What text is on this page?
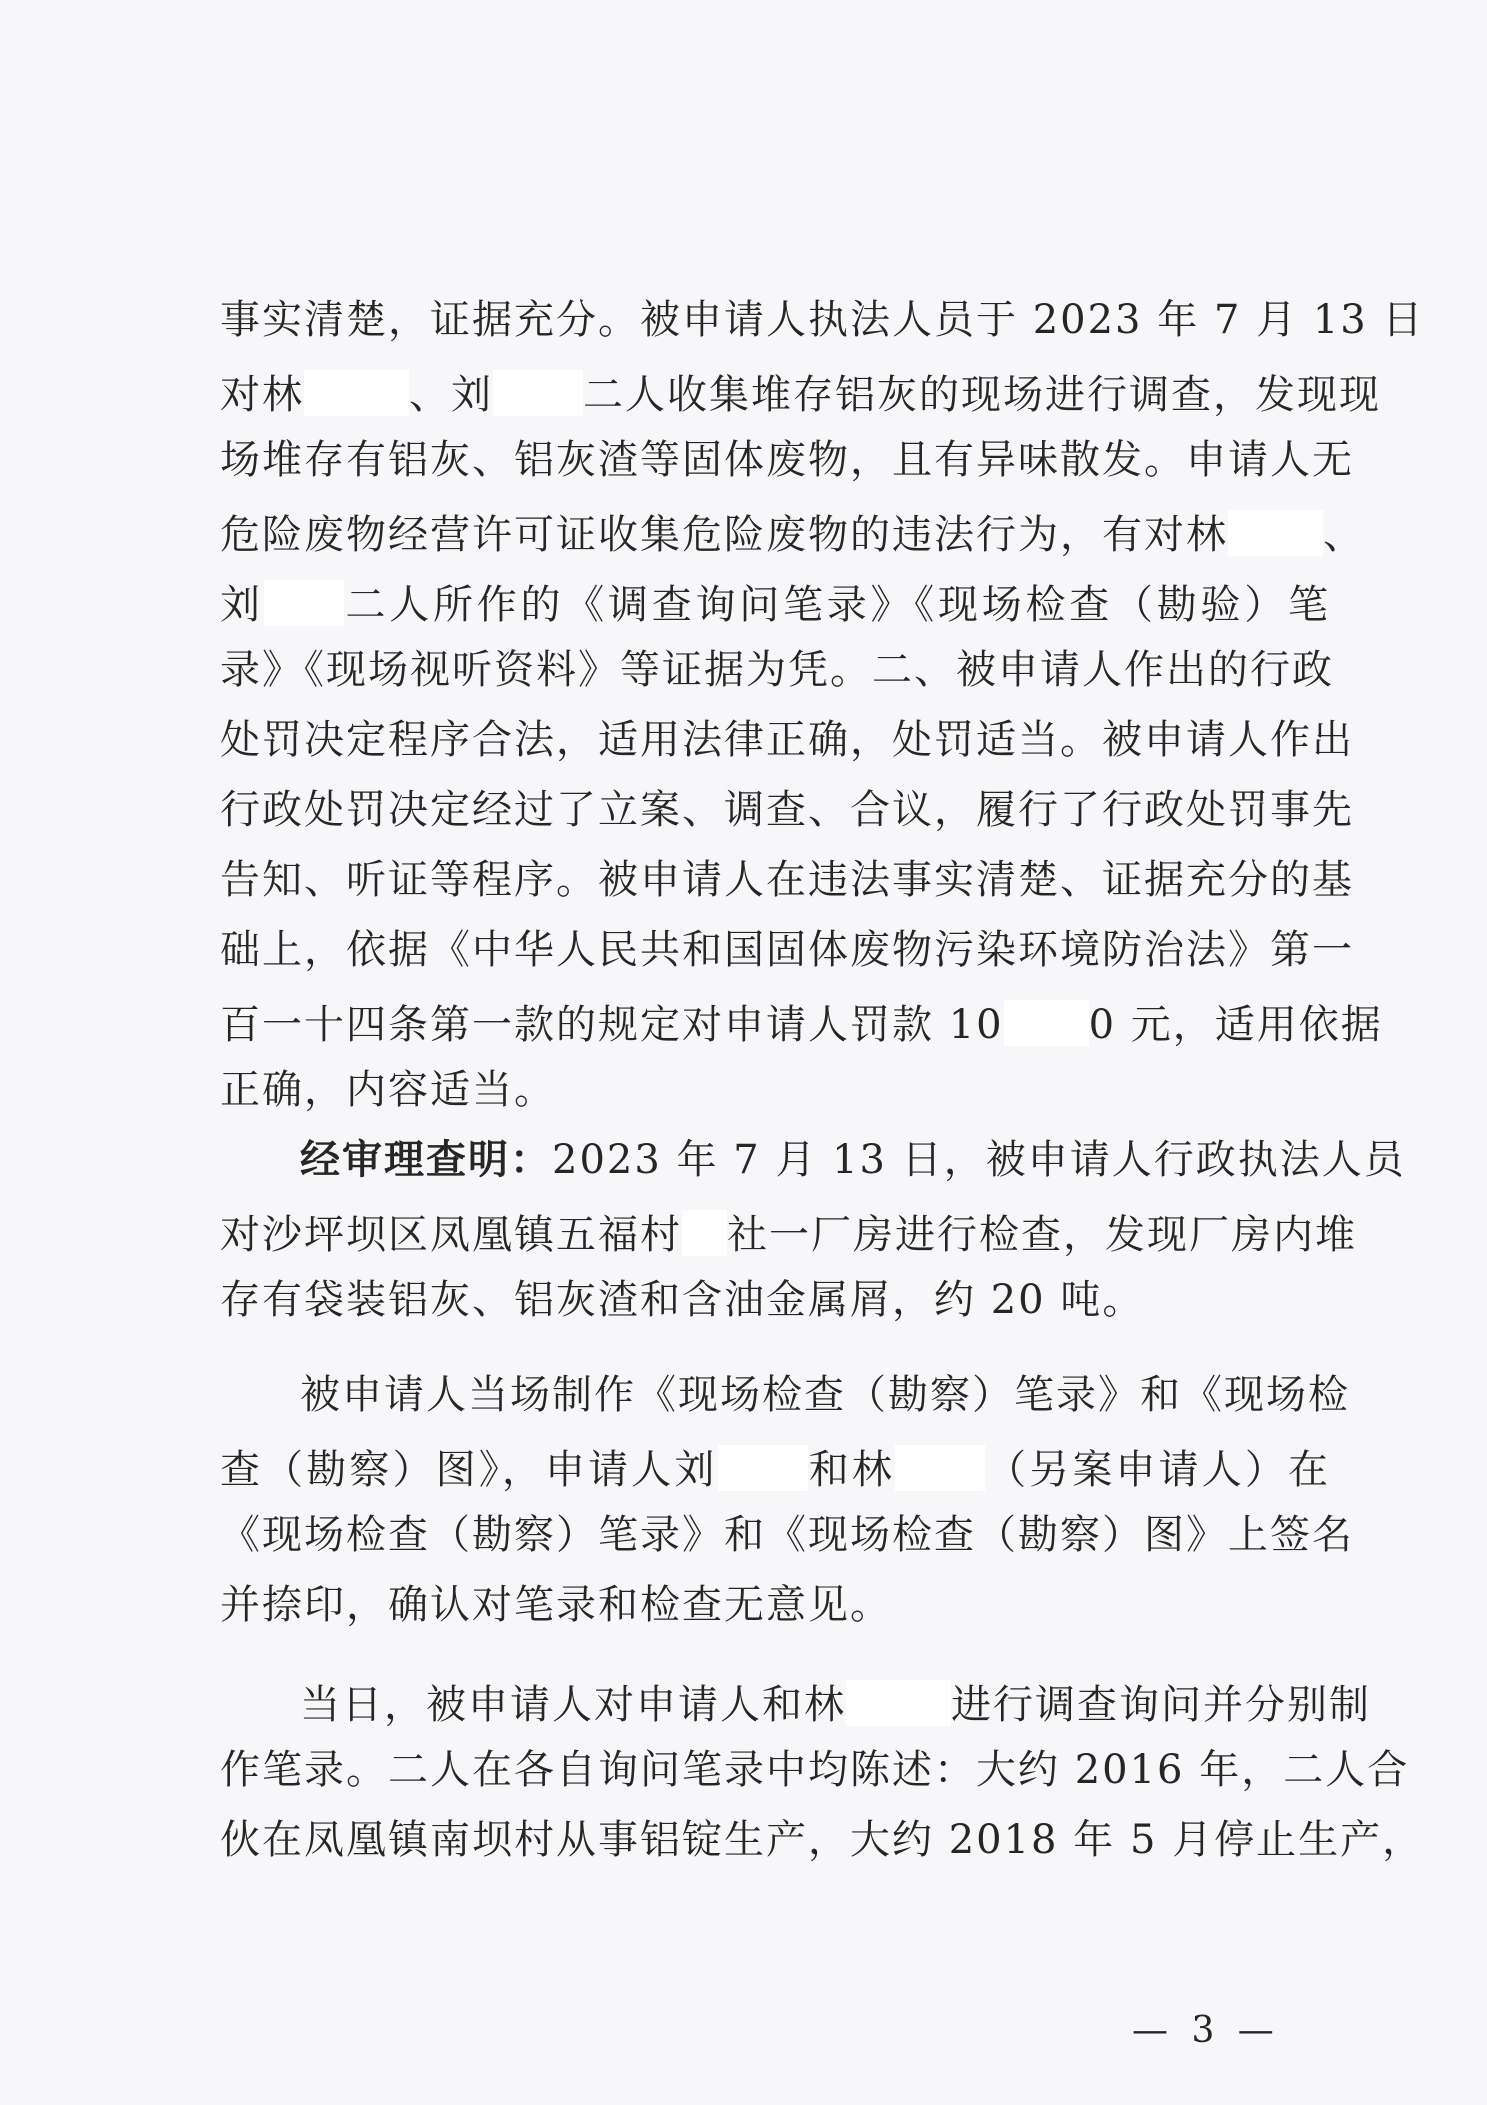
事实清楚，证据充分。被申请人执法人员于 2023 年 7 月 13 日
对林	、刘 二人收集堆存铝灰的现场进行调查，发现现
场堆存有铝灰、铝灰渣等固体废物，且有异味散发。申请人无
危险废物经营许可证收集危险废物的违法行为，有对林 、
刘 二人所作的《调查询问笔录》《现场检查（勘验）笔
录》《现场视听资料》等证据为凭。二、被申请人作出的行政
处罚决定程序合法，适用法律正确，处罚适当。被申请人作出
行政处罚决定经过了立案、调查、合议，履行了行政处罚事先
告知、听证等程序。被申请人在违法事实清楚、证据充分的基
础上，依据《中华人民共和国固体废物污染环境防治法》第一
百一十四条第一款的规定对申请人罚款 10 0 元，适用依据
正确，内容适当。
经审理查明：2023 年 7 月 13 日，被申请人行政执法人员
对沙坪坝区凤凰镇五福村 社一厂房进行检查，发现厂房内堆
存有袋装铝灰、铝灰渣和含油金属屑，约 20 吨。
被申请人当场制作《现场检查（勘察）笔录》和《现场检
查（勘察）图》，申请人刘 和林 （另案申请人）在
《现场检查（勘察）笔录》和《现场检查（勘察）图》上签名
并捺印，确认对笔录和检查无意见。
当日，被申请人对申请人和林	进行调查询问并分别制
作笔录。二人在各自询问笔录中均陈述：大约 2016 年，二人合
伙在凤凰镇南坝村从事铝锭生产，大约 2018 年 5 月停止生产，
— 3 —
